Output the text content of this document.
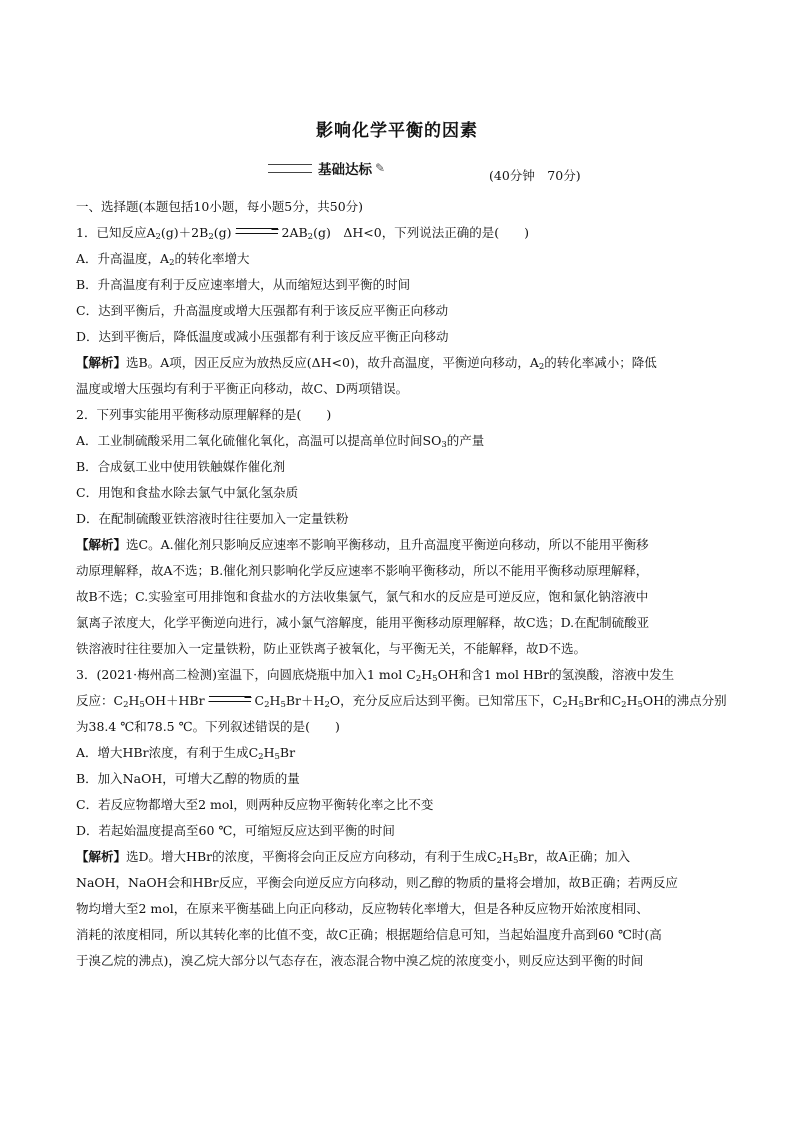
影响化学平衡的因素
基础达标 ✎	(40分钟　70分)
一、选择题(本题包括10小题，每小题5分，共50分)
1．已知反应$A_2(g)+2B_2(g)$	$2AB_2(g)$　ΔH<0，下列说法正确的是(　　)
A．升高温度，$A_2$的转化率增大
B．升高温度有利于反应速率增大，从而缩短达到平衡的时间
C．达到平衡后，升高温度或增大压强都有利于该反应平衡正向移动
D．达到平衡后，降低温度或减小压强都有利于该反应平衡正向移动
【解析】选B。A项，因正反应为放热反应(ΔH<0)，故升高温度，平衡逆向移动，$A_2$的转化率减小；降低
温度或增大压强均有利于平衡正向移动，故C、D两项错误。
2．下列事实能用平衡移动原理解释的是(　　)
A．工业制硫酸采用二氧化硫催化氧化，高温可以提高单位时间$SO_3$的产量
B．合成氨工业中使用铁触媒作催化剂
C．用饱和食盐水除去氯气中氯化氢杂质
D．在配制硫酸亚铁溶液时往往要加入一定量铁粉
【解析】选C。A.催化剂只影响反应速率不影响平衡移动，且升高温度平衡逆向移动，所以不能用平衡移
动原理解释，故A不选；B.催化剂只影响化学反应速率不影响平衡移动，所以不能用平衡移动原理解释，
故B不选；C.实验室可用排饱和食盐水的方法收集氯气，氯气和水的反应是可逆反应，饱和氯化钠溶液中
氯离子浓度大，化学平衡逆向进行，减小氯气溶解度，能用平衡移动原理解释，故C选；D.在配制硫酸亚
铁溶液时往往要加入一定量铁粉，防止亚铁离子被氧化，与平衡无关，不能解释，故D不选。
3．(2021·梅州高二检测)室温下，向圆底烧瓶中加入1 mol $C_2H_5OH$和含1 mol HBr的氢溴酸，溶液中发生
反应：$C_2H_5OH+HBr$	$C_2H_5Br+H_2O$，充分反应后达到平衡。已知常压下，$C_2H_5Br$和$C_2H_5OH$的沸点分别
为38.4 ℃和78.5 ℃。下列叙述错误的是(　　)
A．增大HBr浓度，有利于生成$C_2H_5Br$
B．加入NaOH，可增大乙醇的物质的量
C．若反应物都增大至2 mol，则两种反应物平衡转化率之比不变
D．若起始温度提高至60 ℃，可缩短反应达到平衡的时间
【解析】选D。增大HBr的浓度，平衡将会向正反应方向移动，有利于生成$C_2H_5Br$，故A正确；加入
NaOH，NaOH会和HBr反应，平衡会向逆反应方向移动，则乙醇的物质的量将会增加，故B正确；若两反应
物均增大至2 mol，在原来平衡基础上向正向移动，反应物转化率增大，但是各种反应物开始浓度相同、
消耗的浓度相同，所以其转化率的比值不变，故C正确；根据题给信息可知，当起始温度升高到60 ℃时(高
于溴乙烷的沸点)，溴乙烷大部分以气态存在，液态混合物中溴乙烷的浓度变小，则反应达到平衡的时间
